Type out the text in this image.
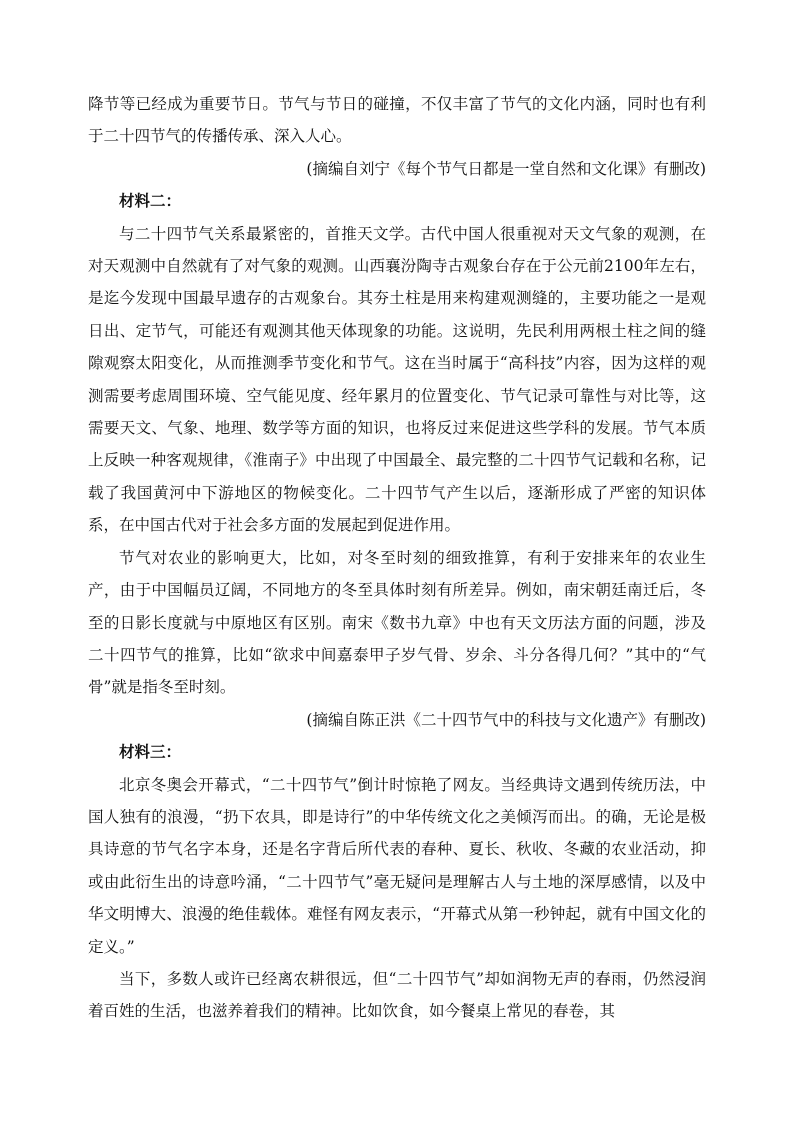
降节等已经成为重要节日。节气与节日的碰撞，不仅丰富了节气的文化内涵，同时也有利于二十四节气的传播传承、深入人心。

(摘编自刘宁《每个节气日都是一堂自然和文化课》有删改)

材料二：

与二十四节气关系最紧密的，首推天文学。古代中国人很重视对天文气象的观测，在对天观测中自然就有了对气象的观测。山西襄汾陶寺古观象台存在于公元前2100年左右，是迄今发现中国最早遗存的古观象台。其夯土柱是用来构建观测缝的，主要功能之一是观日出、定节气，可能还有观测其他天体现象的功能。这说明，先民利用两根土柱之间的缝隙观察太阳变化，从而推测季节变化和节气。这在当时属于“高科技”内容，因为这样的观测需要考虑周围环境、空气能见度、经年累月的位置变化、节气记录可靠性与对比等，这需要天文、气象、地理、数学等方面的知识，也将反过来促进这些学科的发展。节气本质上反映一种客观规律，《淮南子》中出现了中国最全、最完整的二十四节气记载和名称，记载了我国黄河中下游地区的物候变化。二十四节气产生以后，逐渐形成了严密的知识体系，在中国古代对于社会多方面的发展起到促进作用。

节气对农业的影响更大，比如，对冬至时刻的细致推算，有利于安排来年的农业生产，由于中国幅员辽阔，不同地方的冬至具体时刻有所差异。例如，南宋朝廷南迁后，冬至的日影长度就与中原地区有区别。南宋《数书九章》中也有天文历法方面的问题，涉及二十四节气的推算，比如“欲求中间嘉泰甲子岁气骨、岁余、斗分各得几何？”其中的“气骨”就是指冬至时刻。

(摘编自陈正洪《二十四节气中的科技与文化遗产》有删改)

材料三：

北京冬奥会开幕式，“二十四节气”倒计时惊艳了网友。当经典诗文遇到传统历法，中国人独有的浪漫，“扔下农具，即是诗行”的中华传统文化之美倾泻而出。的确，无论是极具诗意的节气名字本身，还是名字背后所代表的春种、夏长、秋收、冬藏的农业活动，抑或由此衍生出的诗意吟涌，“二十四节气”毫无疑问是理解古人与土地的深厚感情，以及中华文明博大、浪漫的绝佳载体。难怪有网友表示，“开幕式从第一秒钟起，就有中国文化的定义。”

当下，多数人或许已经离农耕很远，但“二十四节气”却如润物无声的春雨，仍然浸润着百姓的生活，也滋养着我们的精神。比如饮食，如今餐桌上常见的春卷，其
